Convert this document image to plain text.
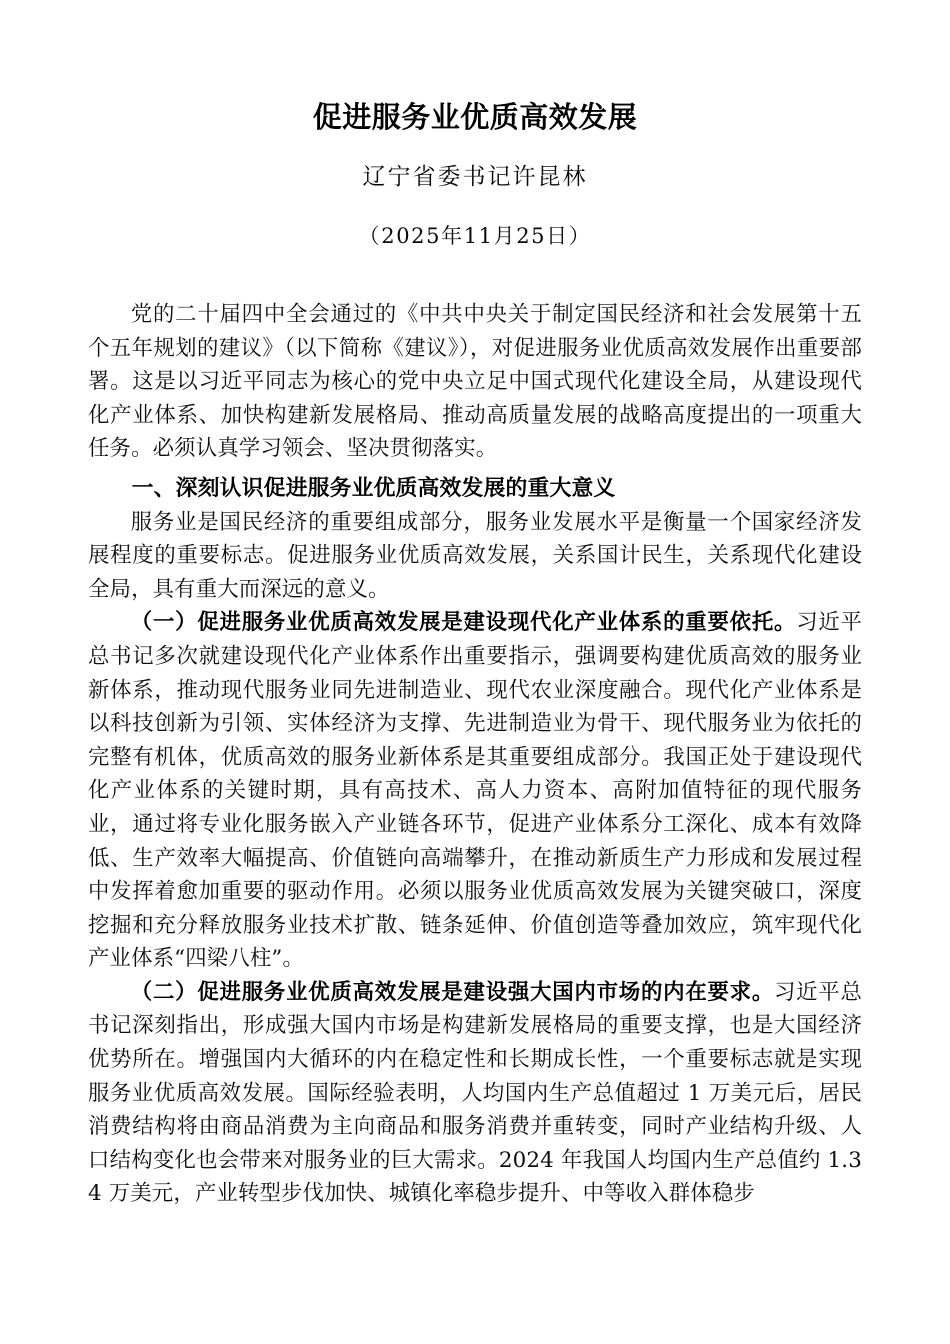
促进服务业优质高效发展
辽宁省委书记许昆林
（2025年11月25日）

党的二十届四中全会通过的《中共中央关于制定国民经济和社会发展第十五个五年规划的建议》（以下简称《建议》），对促进服务业优质高效发展作出重要部署。这是以习近平同志为核心的党中央立足中国式现代化建设全局，从建设现代化产业体系、加快构建新发展格局、推动高质量发展的战略高度提出的一项重大任务。必须认真学习领会、坚决贯彻落实。

一、深刻认识促进服务业优质高效发展的重大意义

服务业是国民经济的重要组成部分，服务业发展水平是衡量一个国家经济发展程度的重要标志。促进服务业优质高效发展，关系国计民生，关系现代化建设全局，具有重大而深远的意义。

（一）促进服务业优质高效发展是建设现代化产业体系的重要依托。习近平总书记多次就建设现代化产业体系作出重要指示，强调要构建优质高效的服务业新体系，推动现代服务业同先进制造业、现代农业深度融合。现代化产业体系是以科技创新为引领、实体经济为支撑、先进制造业为骨干、现代服务业为依托的完整有机体，优质高效的服务业新体系是其重要组成部分。我国正处于建设现代化产业体系的关键时期，具有高技术、高人力资本、高附加值特征的现代服务业，通过将专业化服务嵌入产业链各环节，促进产业体系分工深化、成本有效降低、生产效率大幅提高、价值链向高端攀升，在推动新质生产力形成和发展过程中发挥着愈加重要的驱动作用。必须以服务业优质高效发展为关键突破口，深度挖掘和充分释放服务业技术扩散、链条延伸、价值创造等叠加效应，筑牢现代化产业体系“四梁八柱”。

（二）促进服务业优质高效发展是建设强大国内市场的内在要求。习近平总书记深刻指出，形成强大国内市场是构建新发展格局的重要支撑，也是大国经济优势所在。增强国内大循环的内在稳定性和长期成长性，一个重要标志就是实现服务业优质高效发展。国际经验表明，人均国内生产总值超过 1 万美元后，居民消费结构将由商品消费为主向商品和服务消费并重转变，同时产业结构升级、人口结构变化也会带来对服务业的巨大需求。2024 年我国人均国内生产总值约 1.34 万美元，产业转型步伐加快、城镇化率稳步提升、中等收入群体稳步
